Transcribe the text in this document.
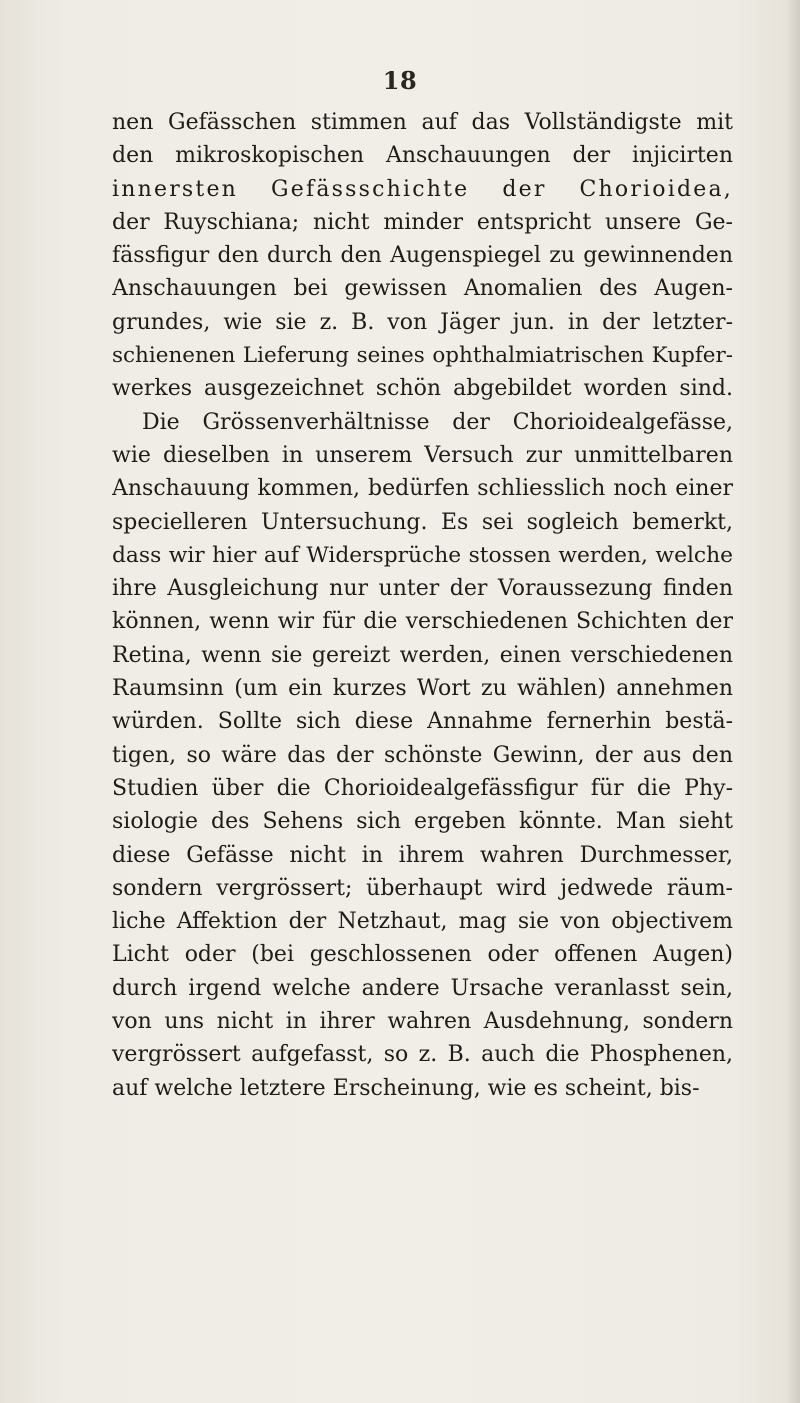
18
nen Gefässchen stimmen auf das Vollständigste mit
den mikroskopischen Anschauungen der injicirten
innersten Gefässschichte der Chorioidea,
der Ruyschiana; nicht minder entspricht unsere Ge-
fässfigur den durch den Augenspiegel zu gewinnenden
Anschauungen bei gewissen Anomalien des Augen-
grundes, wie sie z. B. von Jäger jun. in der letzter-
schienenen Lieferung seines ophthalmiatrischen Kupfer-
werkes ausgezeichnet schön abgebildet worden sind.
Die Grössenverhältnisse der Chorioidealgefässe,
wie dieselben in unserem Versuch zur unmittelbaren
Anschauung kommen, bedürfen schliesslich noch einer
specielleren Untersuchung. Es sei sogleich bemerkt,
dass wir hier auf Widersprüche stossen werden, welche
ihre Ausgleichung nur unter der Voraussezung finden
können, wenn wir für die verschiedenen Schichten der
Retina, wenn sie gereizt werden, einen verschiedenen
Raumsinn (um ein kurzes Wort zu wählen) annehmen
würden. Sollte sich diese Annahme fernerhin bestä-
tigen, so wäre das der schönste Gewinn, der aus den
Studien über die Chorioidealgefässfigur für die Phy-
siologie des Sehens sich ergeben könnte. Man sieht
diese Gefässe nicht in ihrem wahren Durchmesser,
sondern vergrössert; überhaupt wird jedwede räum-
liche Affektion der Netzhaut, mag sie von objectivem
Licht oder (bei geschlossenen oder offenen Augen)
durch irgend welche andere Ursache veranlasst sein,
von uns nicht in ihrer wahren Ausdehnung, sondern
vergrössert aufgefasst, so z. B. auch die Phosphenen,
auf welche letztere Erscheinung, wie es scheint, bis-
